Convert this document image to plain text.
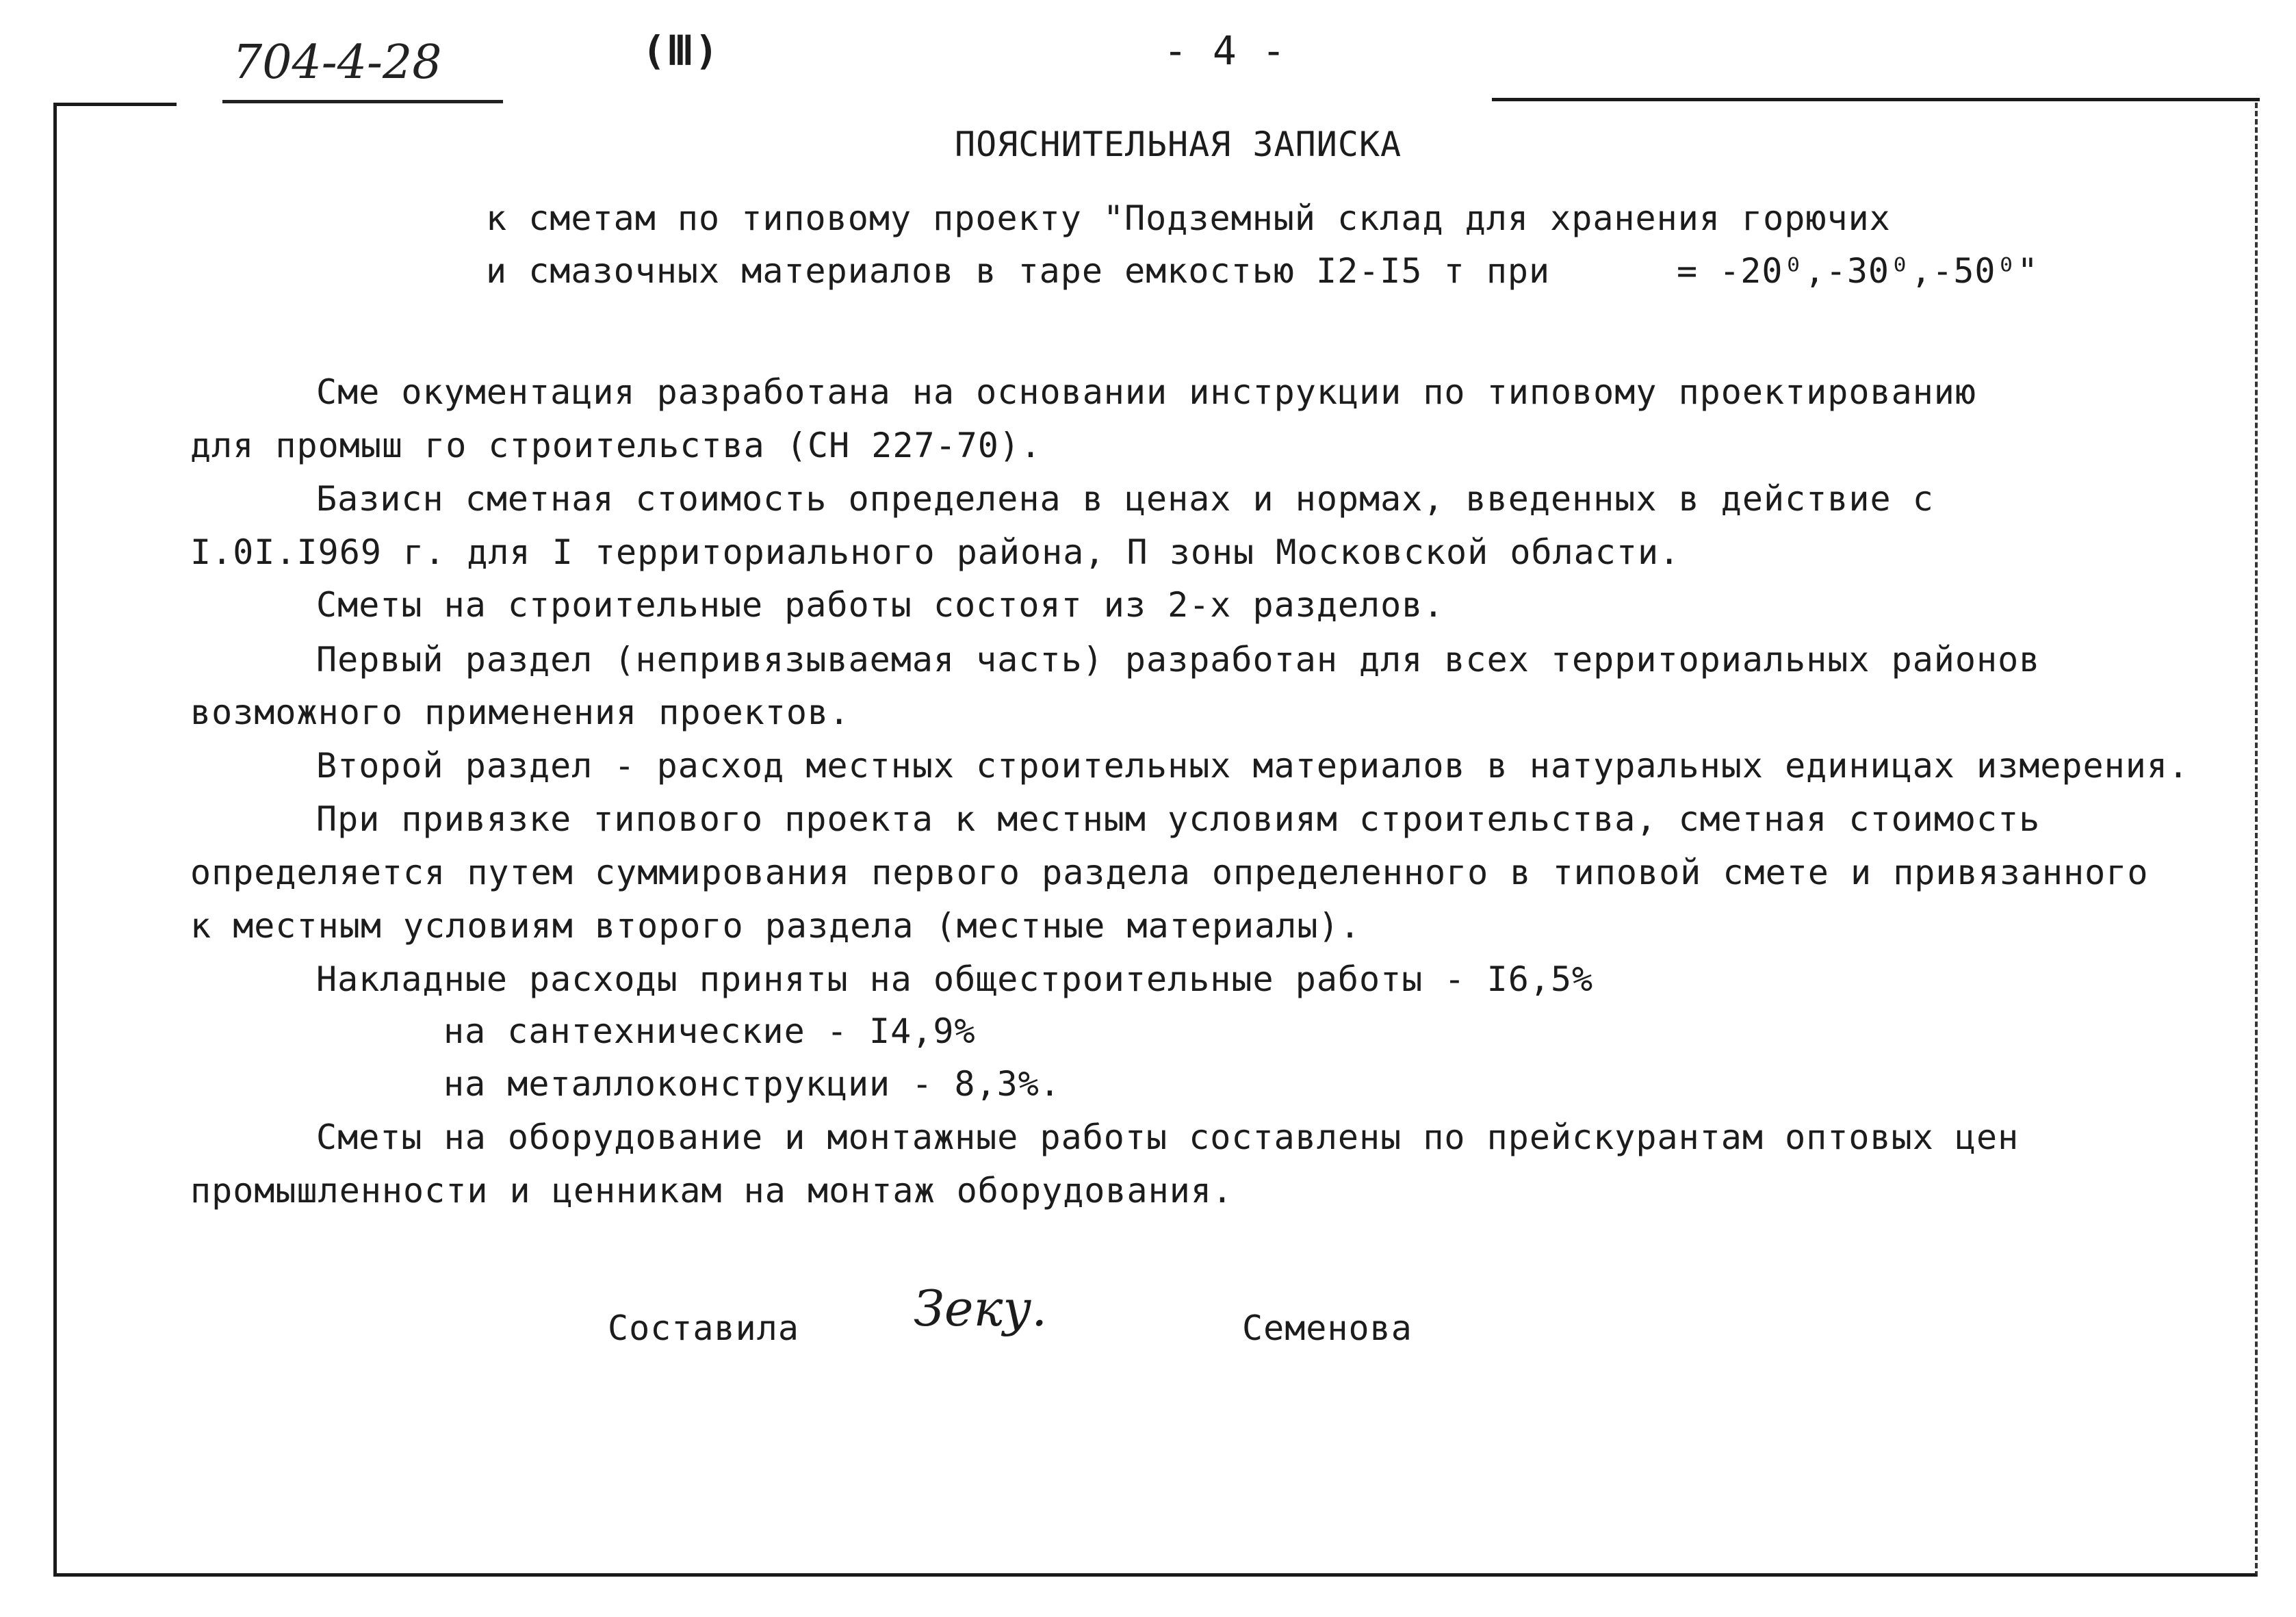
704-4-28	(Ⅲ)	- 4 -
ПОЯСНИТЕЛЬНАЯ ЗАПИСКА
к сметам по типовому проекту "Подземный склад для хранения горючих
и смазочных материалов в таре емкостью I2-I5 т при	= -20⁰,-30⁰,-50⁰"
Сме окументация разработана на основании инструкции по типовому проектированию
для промыш го строительства (СН 227-70).
Базисн сметная стоимость определена в ценах и нормах, введенных в действие с
I.0I.I969 г. для I территориального района, П зоны Московской области.
Сметы на строительные работы состоят из 2-х разделов.
Первый раздел (непривязываемая часть) разработан для всех территориальных районов
возможного применения проектов.
Второй раздел - расход местных строительных материалов в натуральных единицах измерения.
При привязке типового проекта к местным условиям строительства, сметная стоимость
определяется путем суммирования первого раздела определенного в типовой смете и привязанного
к местным условиям второго раздела (местные материалы).
Накладные расходы приняты на общестроительные работы - I6,5%
на сантехнические - I4,9%
на металлоконструкции - 8,3%.
Сметы на оборудование и монтажные работы составлены по прейскурантам оптовых цен
промышленности и ценникам на монтаж оборудования.
Составила Зеку.	Семенова
